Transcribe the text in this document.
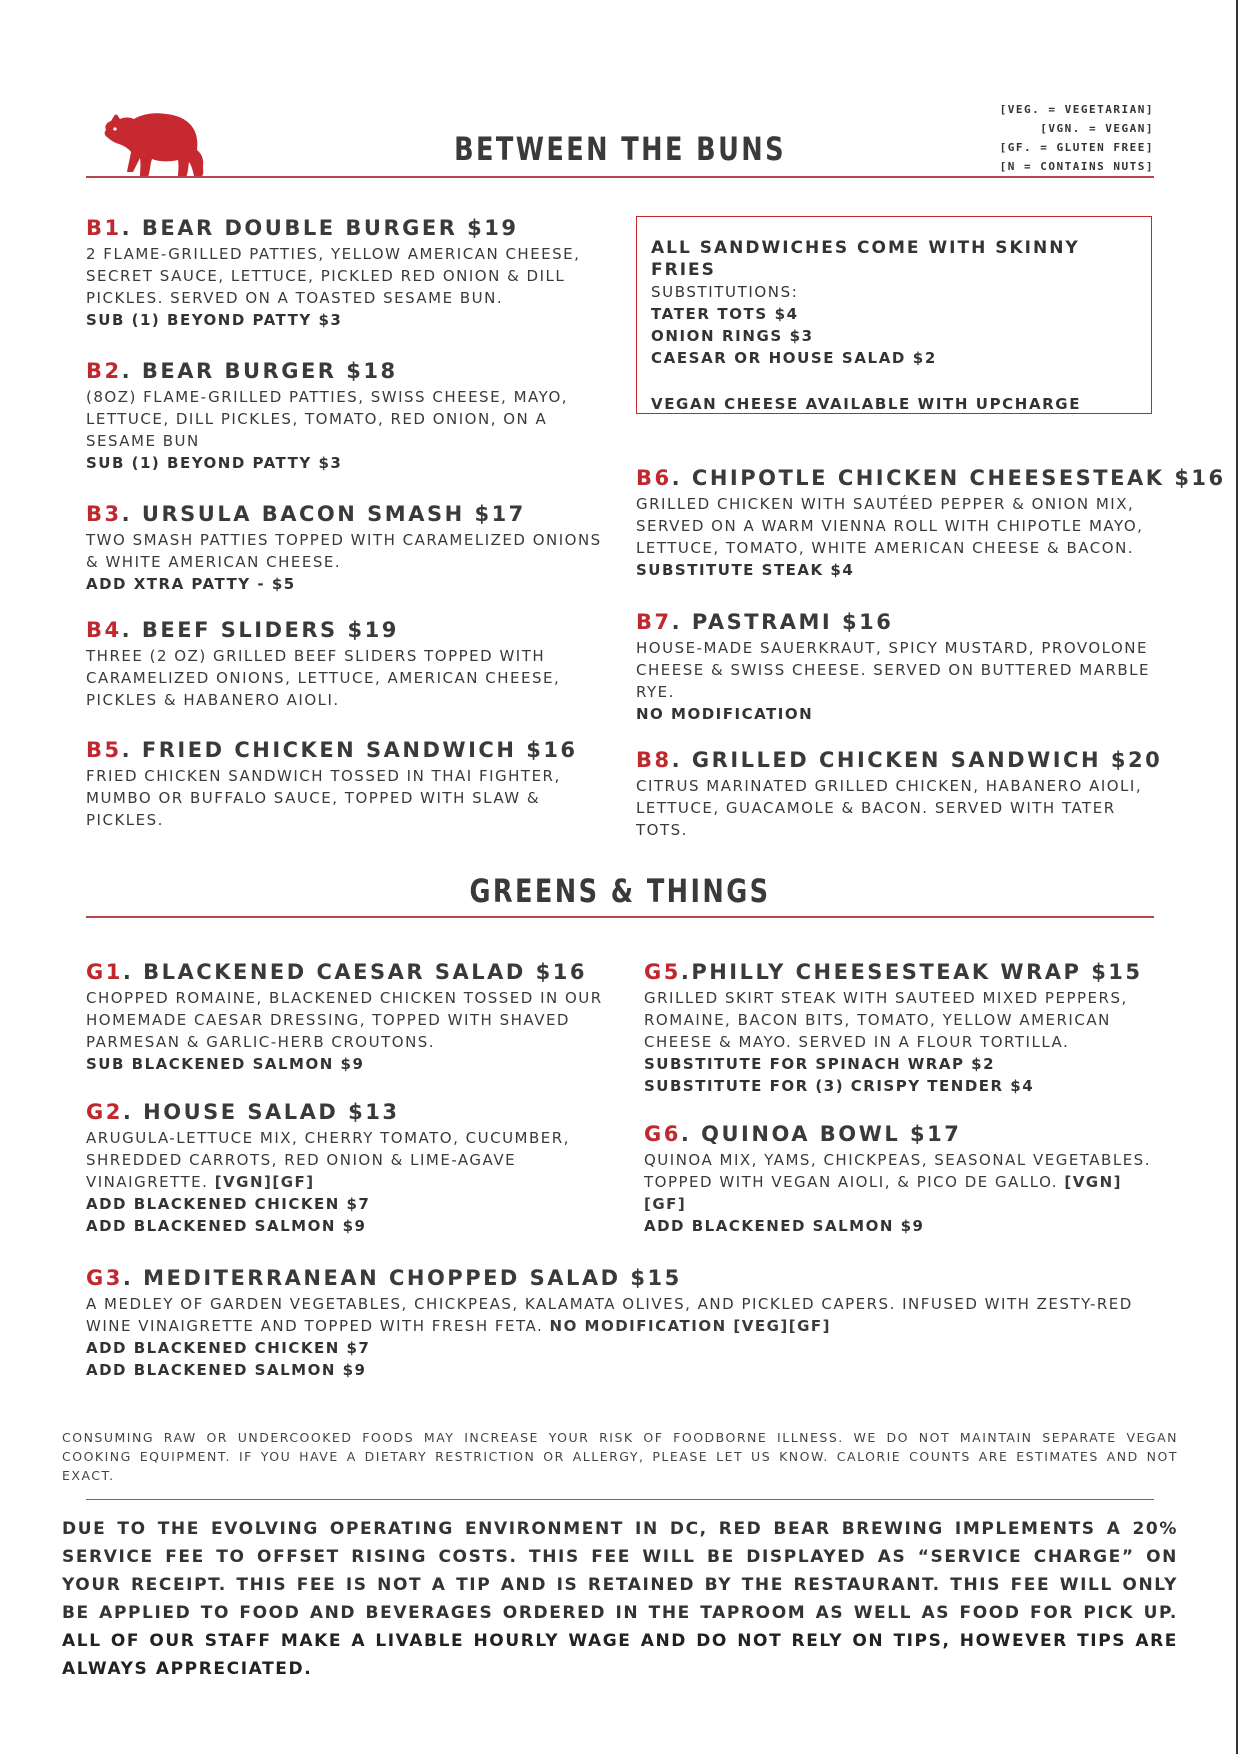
BETWEEN THE BUNS
[VEG. = VEGETARIAN]
[VGN. = VEGAN]
[GF. = GLUTEN FREE]
[N = CONTAINS NUTS]
B1. BEAR DOUBLE BURGER $19
2 FLAME-GRILLED PATTIES, YELLOW AMERICAN CHEESE, SECRET SAUCE, LETTUCE, PICKLED RED ONION & DILL PICKLES. SERVED ON A TOASTED SESAME BUN.
SUB (1) BEYOND PATTY $3
B2. BEAR BURGER $18
(8OZ) FLAME-GRILLED PATTIES, SWISS CHEESE, MAYO, LETTUCE, DILL PICKLES, TOMATO, RED ONION, ON A SESAME BUN
SUB (1) BEYOND PATTY $3
B3. URSULA BACON SMASH $17
TWO SMASH PATTIES TOPPED WITH CARAMELIZED ONIONS & WHITE AMERICAN CHEESE.
ADD XTRA PATTY - $5
B4. BEEF SLIDERS $19
THREE (2 OZ) GRILLED BEEF SLIDERS TOPPED WITH CARAMELIZED ONIONS, LETTUCE, AMERICAN CHEESE, PICKLES & HABANERO AIOLI.
B5. FRIED CHICKEN SANDWICH $16
FRIED CHICKEN SANDWICH TOSSED IN THAI FIGHTER, MUMBO OR BUFFALO SAUCE, TOPPED WITH SLAW & PICKLES.
ALL SANDWICHES COME WITH SKINNY FRIES
SUBSTITUTIONS:
TATER TOTS $4
ONION RINGS $3
CAESAR OR HOUSE SALAD $2
VEGAN CHEESE AVAILABLE WITH UPCHARGE
B6. CHIPOTLE CHICKEN CHEESESTEAK $16
GRILLED CHICKEN WITH SAUTÉED PEPPER & ONION MIX, SERVED ON A WARM VIENNA ROLL WITH CHIPOTLE MAYO, LETTUCE, TOMATO, WHITE AMERICAN CHEESE & BACON.
SUBSTITUTE STEAK $4
B7. PASTRAMI $16
HOUSE-MADE SAUERKRAUT, SPICY MUSTARD, PROVOLONE CHEESE & SWISS CHEESE. SERVED ON BUTTERED MARBLE RYE.
NO MODIFICATION
B8. GRILLED CHICKEN SANDWICH $20
CITRUS MARINATED GRILLED CHICKEN, HABANERO AIOLI, LETTUCE, GUACAMOLE & BACON. SERVED WITH TATER TOTS.
GREENS & THINGS
G1. BLACKENED CAESAR SALAD $16
CHOPPED ROMAINE, BLACKENED CHICKEN TOSSED IN OUR HOMEMADE CAESAR DRESSING, TOPPED WITH SHAVED PARMESAN & GARLIC-HERB CROUTONS.
SUB BLACKENED SALMON $9
G2. HOUSE SALAD $13
ARUGULA-LETTUCE MIX, CHERRY TOMATO, CUCUMBER, SHREDDED CARROTS, RED ONION & LIME-AGAVE VINAIGRETTE. [VGN][GF]
ADD BLACKENED CHICKEN $7
ADD BLACKENED SALMON $9
G5.PHILLY CHEESESTEAK WRAP $15
GRILLED SKIRT STEAK WITH SAUTEED MIXED PEPPERS, ROMAINE, BACON BITS, TOMATO, YELLOW AMERICAN CHEESE & MAYO. SERVED IN A FLOUR TORTILLA.
SUBSTITUTE FOR SPINACH WRAP $2
SUBSTITUTE FOR (3) CRISPY TENDER $4
G6. QUINOA BOWL $17
QUINOA MIX, YAMS, CHICKPEAS, SEASONAL VEGETABLES. TOPPED WITH VEGAN AIOLI, & PICO DE GALLO. [VGN] [GF]
ADD BLACKENED SALMON $9
G3. MEDITERRANEAN CHOPPED SALAD $15
A MEDLEY OF GARDEN VEGETABLES, CHICKPEAS, KALAMATA OLIVES, AND PICKLED CAPERS. INFUSED WITH ZESTY-RED WINE VINAIGRETTE AND TOPPED WITH FRESH FETA. NO MODIFICATION [VEG][GF]
ADD BLACKENED CHICKEN $7
ADD BLACKENED SALMON $9
CONSUMING RAW OR UNDERCOOKED FOODS MAY INCREASE YOUR RISK OF FOODBORNE ILLNESS. WE DO NOT MAINTAIN SEPARATE VEGAN COOKING EQUIPMENT. IF YOU HAVE A DIETARY RESTRICTION OR ALLERGY, PLEASE LET US KNOW. CALORIE COUNTS ARE ESTIMATES AND NOT EXACT.
DUE TO THE EVOLVING OPERATING ENVIRONMENT IN DC, RED BEAR BREWING IMPLEMENTS A 20% SERVICE FEE TO OFFSET RISING COSTS. THIS FEE WILL BE DISPLAYED AS “SERVICE CHARGE” ON YOUR RECEIPT. THIS FEE IS NOT A TIP AND IS RETAINED BY THE RESTAURANT. THIS FEE WILL ONLY BE APPLIED TO FOOD AND BEVERAGES ORDERED IN THE TAPROOM AS WELL AS FOOD FOR PICK UP. ALL OF OUR STAFF MAKE A LIVABLE HOURLY WAGE AND DO NOT RELY ON TIPS, HOWEVER TIPS ARE ALWAYS APPRECIATED.
